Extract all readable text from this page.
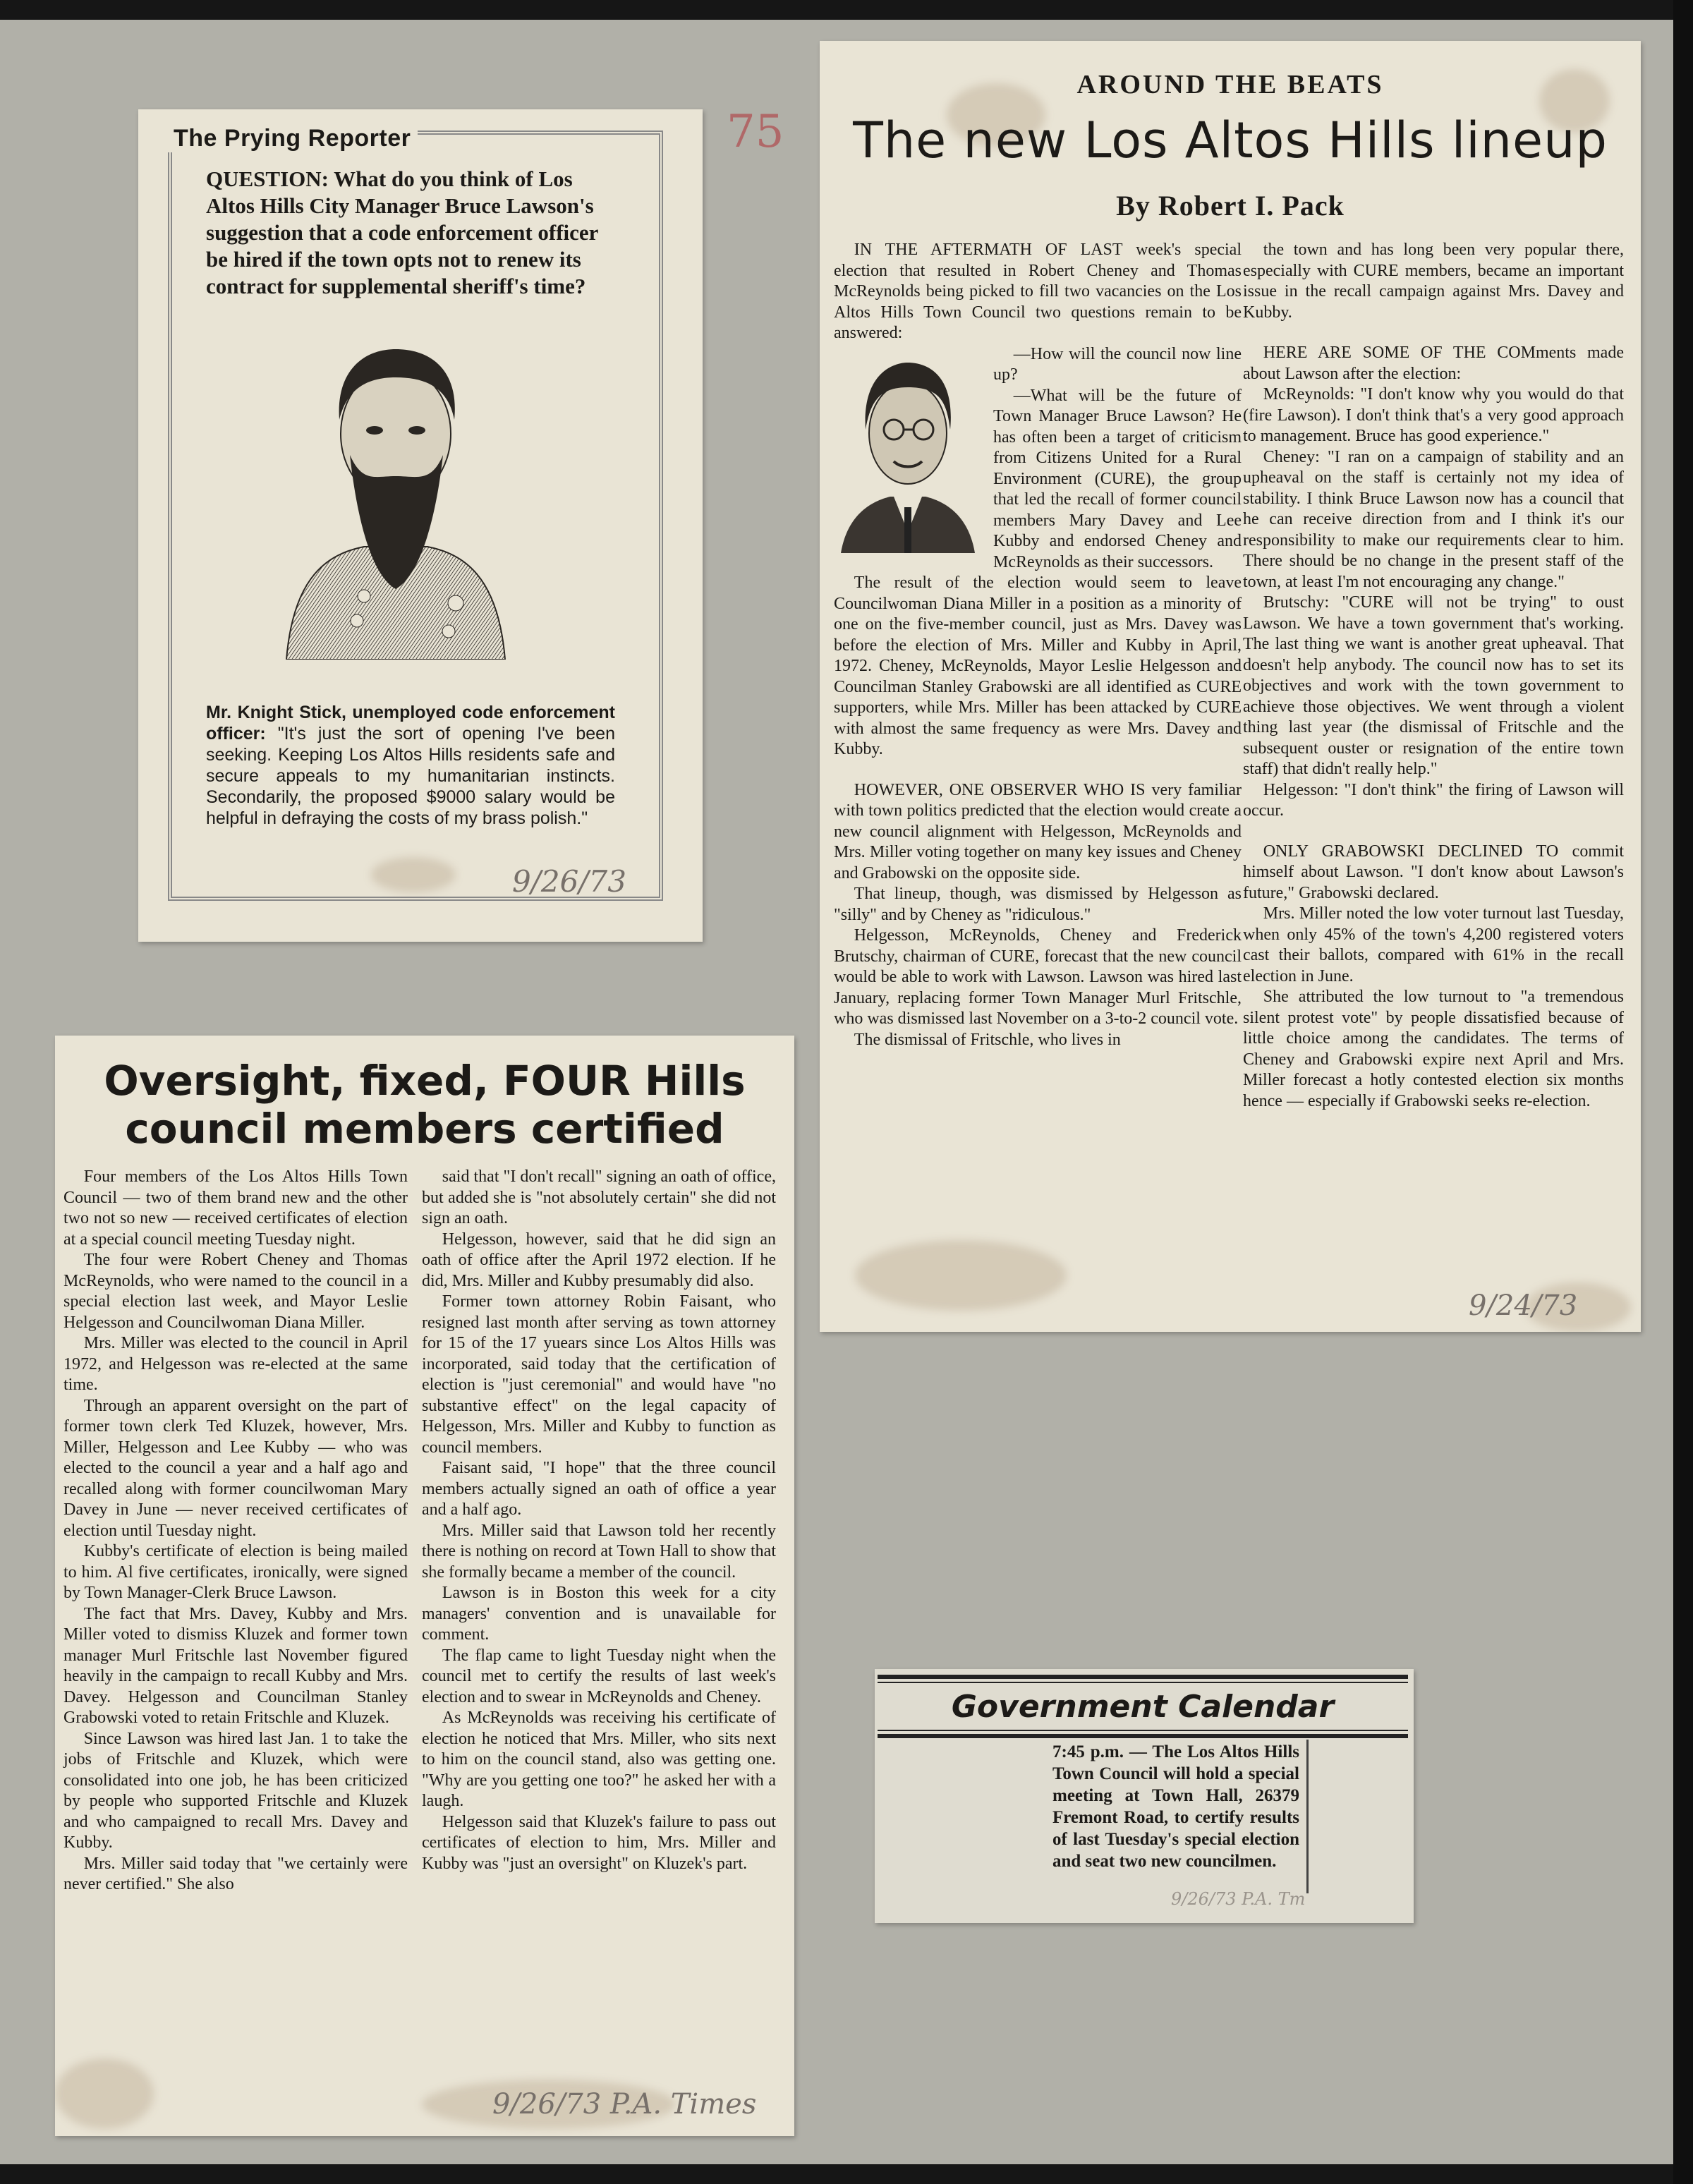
75
The Prying Reporter
QUESTION: What do you think of Los Altos Hills City Manager Bruce Lawson's suggestion that a code enforcement officer be hired if the town opts not to renew its contract for supplemental sheriff's time?
Mr. Knight Stick, unemployed code enforcement officer: "It's just the sort of opening I've been seeking. Keeping Los Altos Hills residents safe and secure appeals to my humanitarian instincts. Secondarily, the proposed $9000 salary would be helpful in defraying the costs of my brass polish."
9/26/73
AROUND THE BEATS
The new Los Altos Hills lineup
By Robert I. Pack

IN THE AFTERMATH OF LAST week's special election that resulted in Robert Cheney and Thomas McReynolds being picked to fill two vacancies on the Los Altos Hills Town Council two questions remain to be answered:

—How will the council now line up?

—What will be the future of Town Manager Bruce Lawson? He has often been a target of criticism from Citizens United for a Rural Environment (CURE), the group that led the recall of former council members Mary Davey and Lee Kubby and endorsed Cheney and McReynolds as their successors.

The result of the election would seem to leave Councilwoman Diana Miller in a position as a minority of one on the five-member council, just as Mrs. Davey was before the election of Mrs. Miller and Kubby in April, 1972. Cheney, McReynolds, Mayor Leslie Helgesson and Councilman Stanley Grabowski are all identified as CURE supporters, while Mrs. Miller has been attacked by CURE with almost the same frequency as were Mrs. Davey and Kubby.

HOWEVER, ONE OBSERVER WHO IS very familiar with town politics predicted that the election would create a new council alignment with Helgesson, McReynolds and Mrs. Miller voting together on many key issues and Cheney and Grabowski on the opposite side.

That lineup, though, was dismissed by Helgesson as "silly" and by Cheney as "ridiculous."

Helgesson, McReynolds, Cheney and Frederick Brutschy, chairman of CURE, forecast that the new council would be able to work with Lawson. Lawson was hired last January, replacing former Town Manager Murl Fritschle, who was dismissed last November on a 3-to-2 council vote.

The dismissal of Fritschle, who lives in

the town and has long been very popular there, especially with CURE members, became an important issue in the recall campaign against Mrs. Davey and Kubby.

HERE ARE SOME OF THE COMments made about Lawson after the election:

McReynolds: "I don't know why you would do that (fire Lawson). I don't think that's a very good approach to management. Bruce has good experience."

Cheney: "I ran on a campaign of stability and an upheaval on the staff is certainly not my idea of stability. I think Bruce Lawson now has a council that he can receive direction from and I think it's our responsibility to make our requirements clear to him. There should be no change in the present staff of the town, at least I'm not encouraging any change."

Brutschy: "CURE will not be trying" to oust Lawson. We have a town government that's working. The last thing we want is another great upheaval. That doesn't help anybody. The council now has to set its objectives and work with the town government to achieve those objectives. We went through a violent thing last year (the dismissal of Fritschle and the subsequent ouster or resignation of the entire town staff) that didn't really help."

Helgesson: "I don't think" the firing of Lawson will occur.

ONLY GRABOWSKI DECLINED TO commit himself about Lawson. "I don't know about Lawson's future," Grabowski declared.

Mrs. Miller noted the low voter turnout last Tuesday, when only 45% of the town's 4,200 registered voters cast their ballots, compared with 61% in the recall election in June.

She attributed the low turnout to "a tremendous silent protest vote" by people dissatisfied because of little choice among the candidates. The terms of Cheney and Grabowski expire next April and Mrs. Miller forecast a hotly contested election six months hence — especially if Grabowski seeks re-election.

9/24/73
Oversight, fixed, FOUR Hills
council members certified

Four members of the Los Altos Hills Town Council — two of them brand new and the other two not so new — received certificates of election at a special council meeting Tuesday night.

The four were Robert Cheney and Thomas McReynolds, who were named to the council in a special election last week, and Mayor Leslie Helgesson and Councilwoman Diana Miller.

Mrs. Miller was elected to the council in April 1972, and Helgesson was re-elected at the same time.

Through an apparent oversight on the part of former town clerk Ted Kluzek, however, Mrs. Miller, Helgesson and Lee Kubby — who was elected to the council a year and a half ago and recalled along with former councilwoman Mary Davey in June — never received certificates of election until Tuesday night.

Kubby's certificate of election is being mailed to him. Al five certificates, ironically, were signed by Town Manager-Clerk Bruce Lawson.

The fact that Mrs. Davey, Kubby and Mrs. Miller voted to dismiss Kluzek and former town manager Murl Fritschle last November figured heavily in the campaign to recall Kubby and Mrs. Davey. Helgesson and Councilman Stanley Grabowski voted to retain Fritschle and Kluzek.

Since Lawson was hired last Jan. 1 to take the jobs of Fritschle and Kluzek, which were consolidated into one job, he has been criticized by people who supported Fritschle and Kluzek and who campaigned to recall Mrs. Davey and Kubby.

Mrs. Miller said today that "we certainly were never certified." She also

said that "I don't recall" signing an oath of office, but added she is "not absolutely certain" she did not sign an oath.

Helgesson, however, said that he did sign an oath of office after the April 1972 election. If he did, Mrs. Miller and Kubby presumably did also.

Former town attorney Robin Faisant, who resigned last month after serving as town attorney for 15 of the 17 yuears since Los Altos Hills was incorporated, said today that the certification of election is "just ceremonial" and would have "no substantive effect" on the legal capacity of Helgesson, Mrs. Miller and Kubby to function as council members.

Faisant said, "I hope" that the three council members actually signed an oath of office a year and a half ago.

Mrs. Miller said that Lawson told her recently there is nothing on record at Town Hall to show that she formally became a member of the council.

Lawson is in Boston this week for a city managers' convention and is unavailable for comment.

The flap came to light Tuesday night when the council met to certify the results of last week's election and to swear in McReynolds and Cheney.

As McReynolds was receiving his certificate of election he noticed that Mrs. Miller, who sits next to him on the council stand, also was getting one. "Why are you getting one too?" he asked her with a laugh.

Helgesson said that Kluzek's failure to pass out certificates of election to him, Mrs. Miller and Kubby was "just an oversight" on Kluzek's part.

9/26/73 P.A. Times
Government Calendar
7:45 p.m. — The Los Altos Hills Town Council will hold a special meeting at Town Hall, 26379 Fremont Road, to certify results of last Tuesday's special election and seat two new councilmen.
9/26/73 P.A. Tm
